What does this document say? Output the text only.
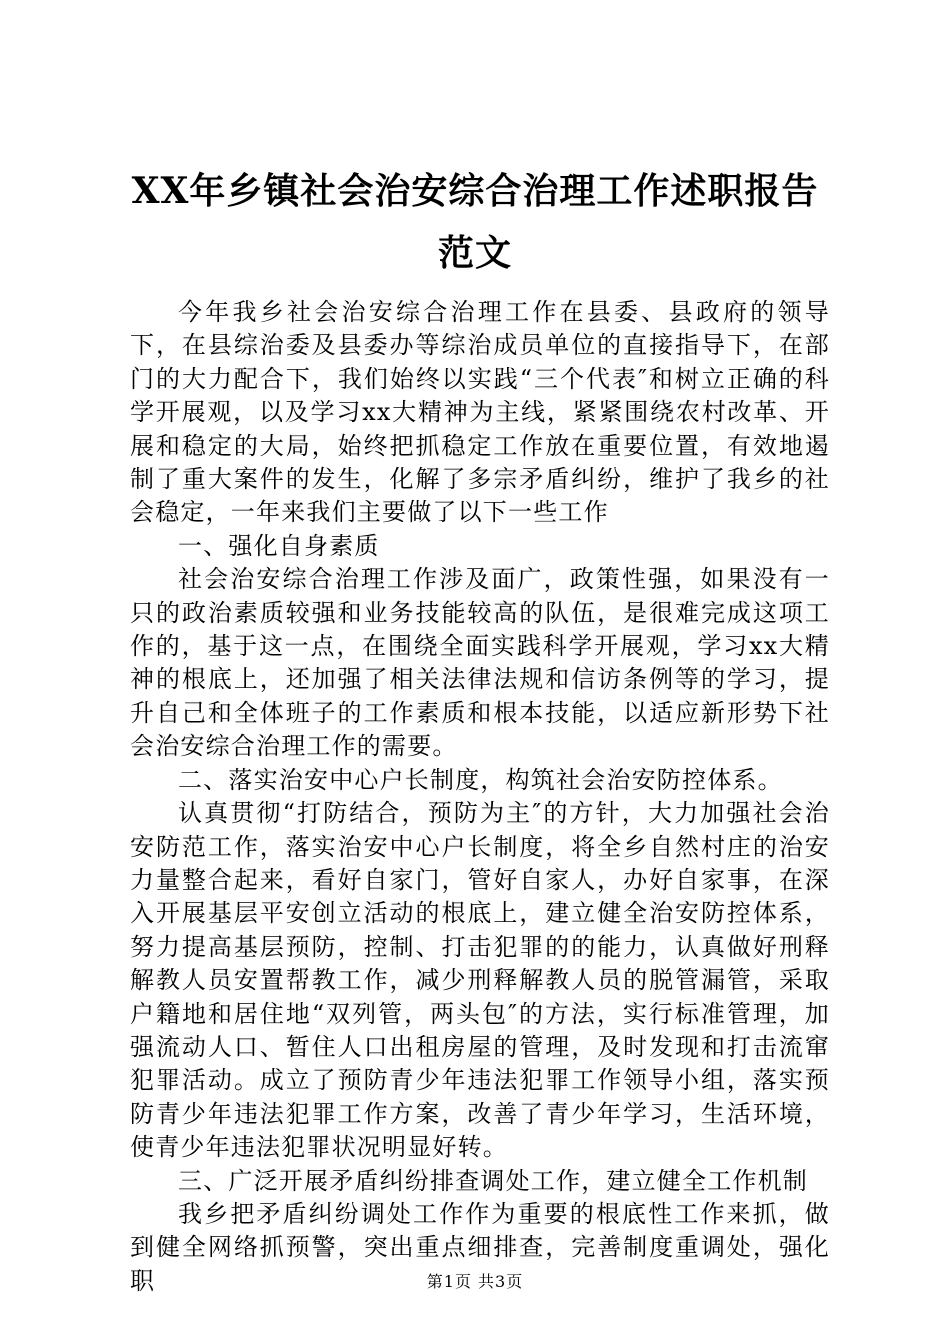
XX年乡镇社会治安综合治理工作述职报告范文

今年我乡社会治安综合治理工作在县委、县政府的领导下，在县综治委及县委办等综治成员单位的直接指导下，在部门的大力配合下，我们始终以实践“三个代表″和树立正确的科学开展观，以及学习xx大精神为主线，紧紧围绕农村改革、开展和稳定的大局，始终把抓稳定工作放在重要位置，有效地遏制了重大案件的发生，化解了多宗矛盾纠纷，维护了我乡的社会稳定，一年来我们主要做了以下一些工作

一、强化自身素质

社会治安综合治理工作涉及面广，政策性强，如果没有一只的政治素质较强和业务技能较高的队伍，是很难完成这项工作的，基于这一点，在围绕全面实践科学开展观，学习xx大精神的根底上，还加强了相关法律法规和信访条例等的学习，提升自己和全体班子的工作素质和根本技能，以适应新形势下社会治安综合治理工作的需要。

二、落实治安中心户长制度，构筑社会治安防控体系。

认真贯彻“打防结合，预防为主″的方针，大力加强社会治安防范工作，落实治安中心户长制度，将全乡自然村庄的治安力量整合起来，看好自家门，管好自家人，办好自家事，在深入开展基层平安创立活动的根底上，建立健全治安防控体系，努力提高基层预防，控制、打击犯罪的的能力，认真做好刑释解教人员安置帮教工作，减少刑释解教人员的脱管漏管，采取户籍地和居住地“双列管，两头包″的方法，实行标准管理，加强流动人口、暂住人口出租房屋的管理，及时发现和打击流窜犯罪活动。成立了预防青少年违法犯罪工作领导小组，落实预防青少年违法犯罪工作方案，改善了青少年学习，生活环境，使青少年违法犯罪状况明显好转。

三、广泛开展矛盾纠纷排查调处工作，建立健全工作机制

我乡把矛盾纠纷调处工作作为重要的根底性工作来抓，做到健全网络抓预警，突出重点细排查，完善制度重调处，强化职	第1页 共3页
